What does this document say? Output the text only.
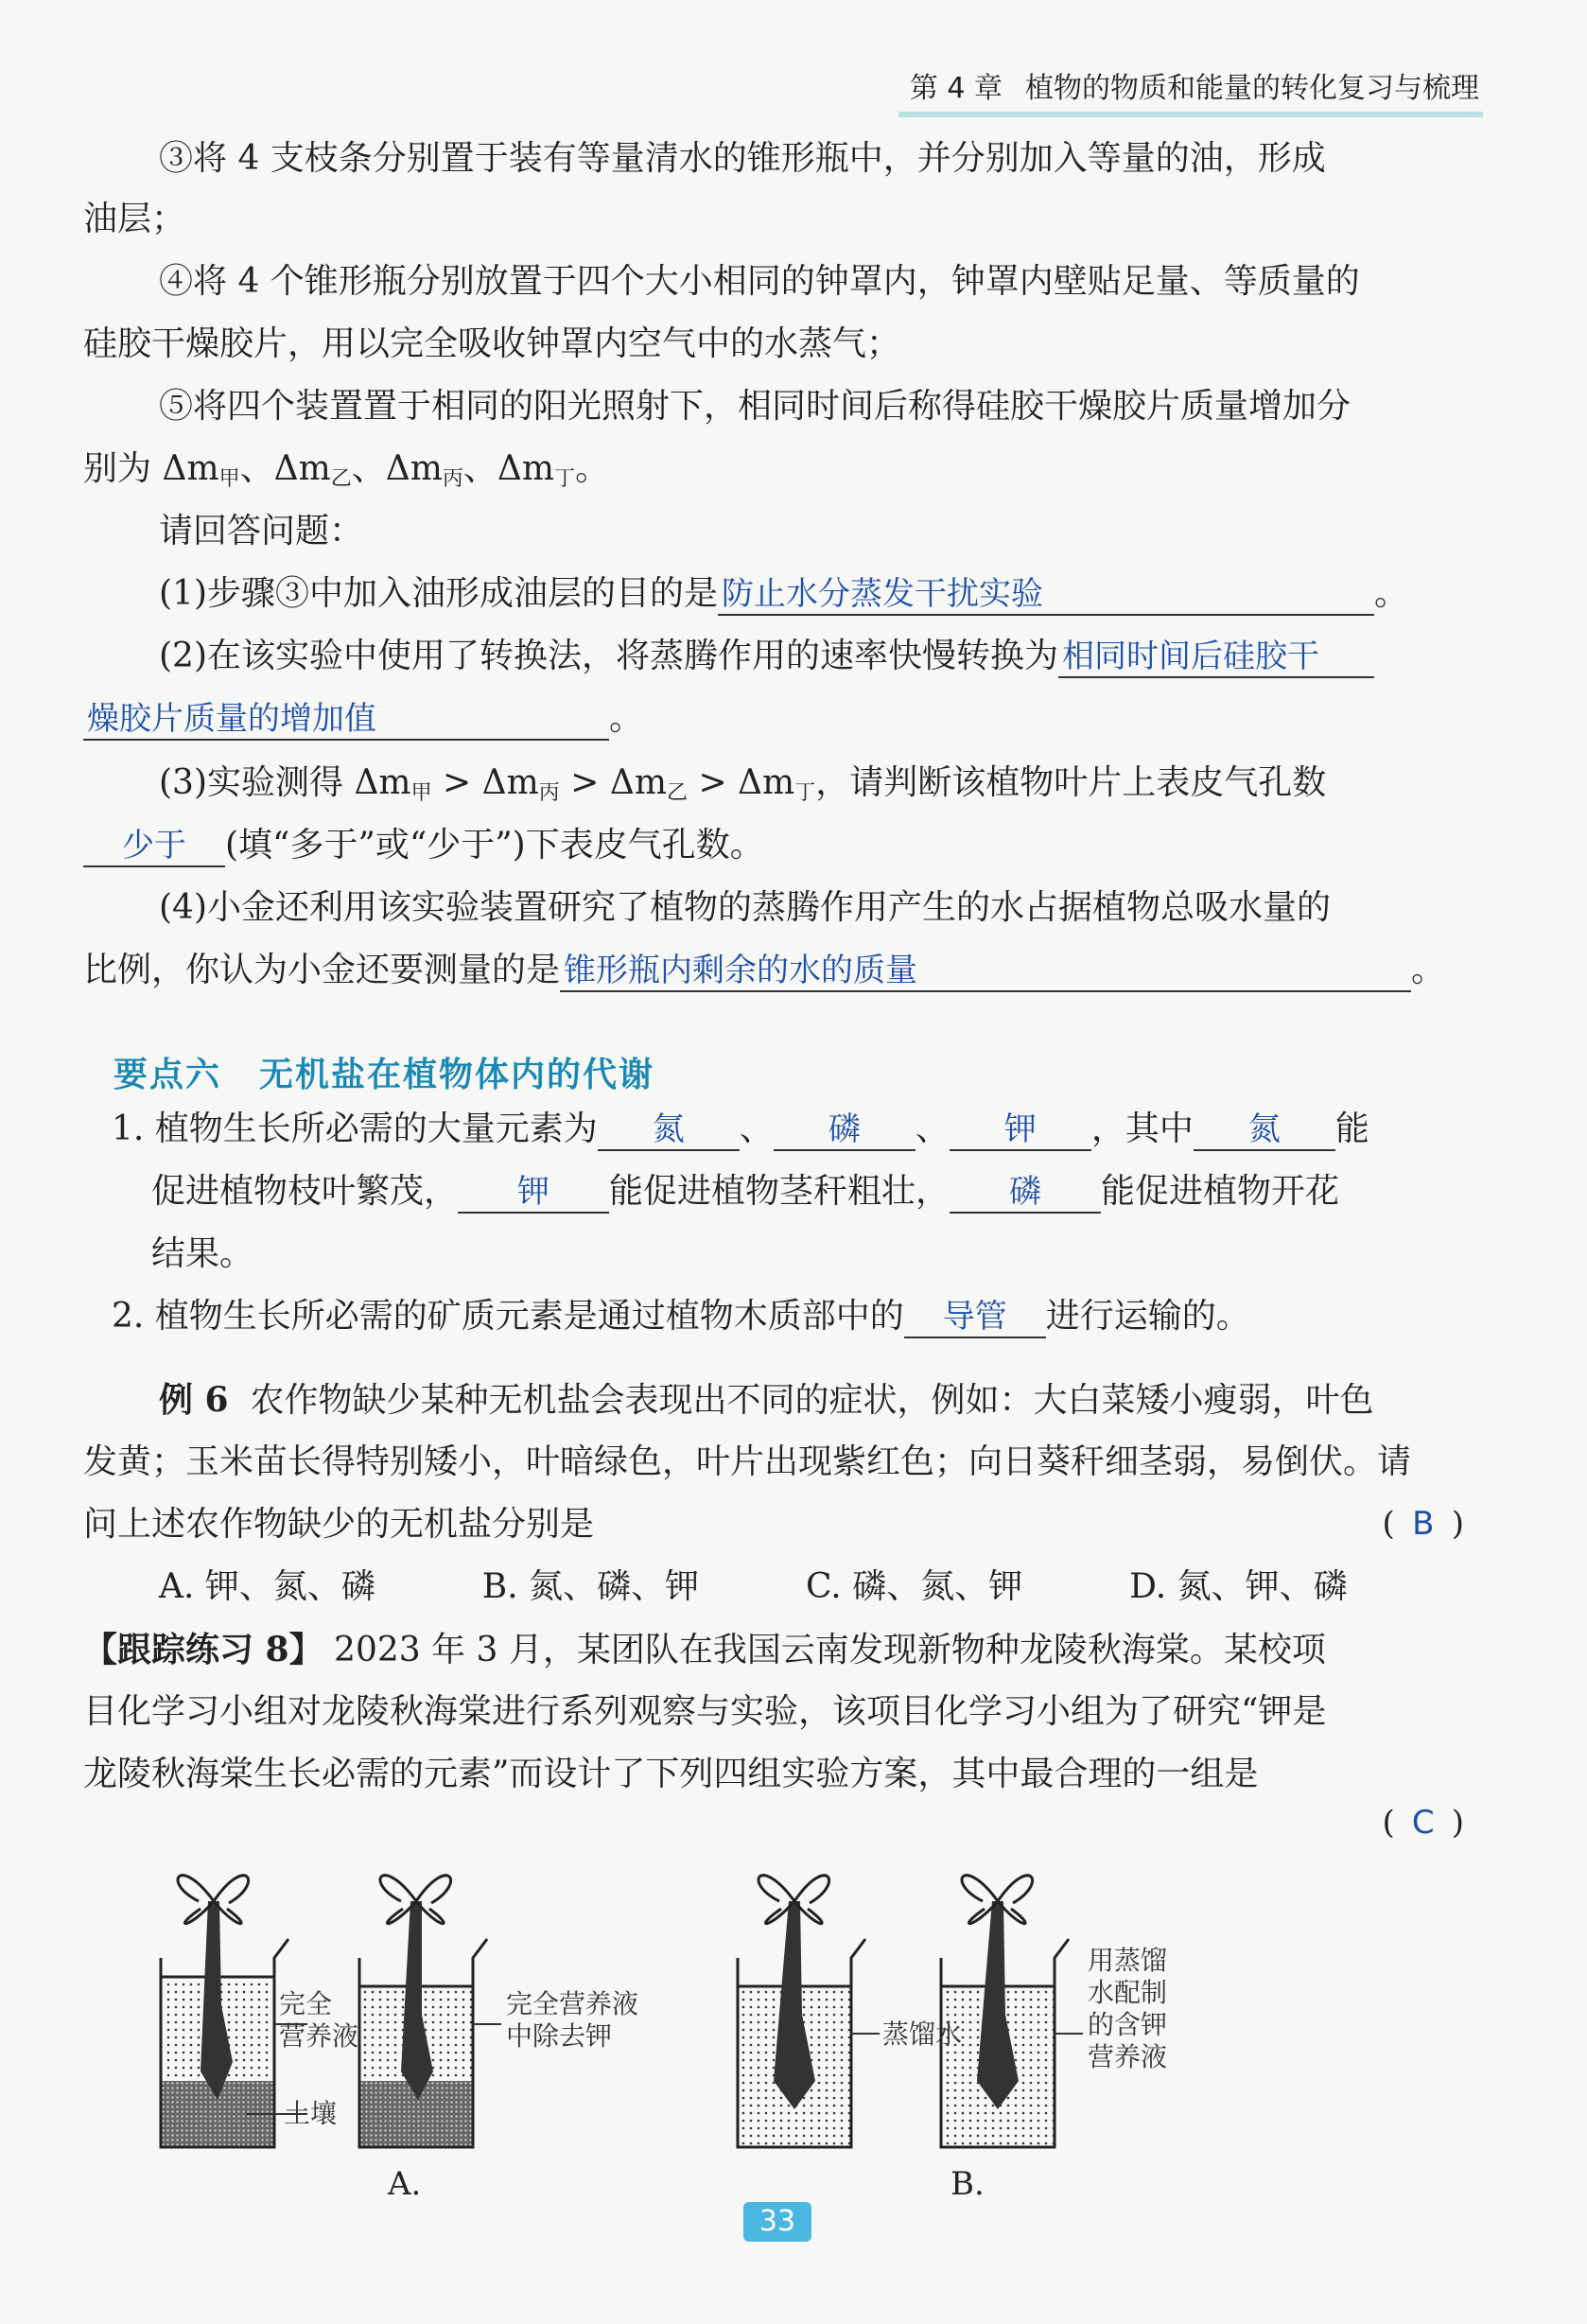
第 4 章 植物的物质和能量的转化复习与梳理
③将 4 支枝条分别置于装有等量清水的锥形瓶中，并分别加入等量的油，形成
油层；
④将 4 个锥形瓶分别放置于四个大小相同的钟罩内，钟罩内壁贴足量、等质量的
硅胶干燥胶片，用以完全吸收钟罩内空气中的水蒸气；
⑤将四个装置置于相同的阳光照射下，相同时间后称得硅胶干燥胶片质量增加分
别为 $\Delta m_甲$、$\Delta m_乙$、$\Delta m_丙$、$\Delta m_丁$。
请回答问题：
(1)步骤③中加入油形成油层的目的是 防止水分蒸发干扰实验	。
(2)在该实验中使用了转换法，将蒸腾作用的速率快慢转换为 相同时间后硅胶干
燥胶片质量的增加值	。
(3)实验测得 $\Delta m_甲 > \Delta m_丙 > \Delta m_乙 > \Delta m_丁$，请判断该植物叶片上表皮气孔数
少于 (填“多于”或“少于”)下表皮气孔数。
(4)小金还利用该实验装置研究了植物的蒸腾作用产生的水占据植物总吸水量的
比例，你认为小金还要测量的是 锥形瓶内剩余的水的质量	。
要点六 无机盐在植物体内的代谢
1. 植物生长所必需的大量元素为 氮 、 磷 、 钾 ，其中 氮 能
促进植物枝叶繁茂， 钾 能促进植物茎秆粗壮， 磷 能促进植物开花
结果。
2. 植物生长所必需的矿质元素是通过植物木质部中的 导管 进行运输的。
例 6 农作物缺少某种无机盐会表现出不同的症状，例如：大白菜矮小瘦弱，叶色
发黄；玉米苗长得特别矮小，叶暗绿色，叶片出现紫红色；向日葵秆细茎弱，易倒伏。请
问上述农作物缺少的无机盐分别是	( B )
A. 钾、氮、磷	B. 氮、磷、钾	C. 磷、氮、钾	D. 氮、钾、磷
【跟踪练习 8】 2023 年 3 月，某团队在我国云南发现新物种龙陵秋海棠。某校项
目化学习小组对龙陵秋海棠进行系列观察与实验，该项目化学习小组为了研究“钾是
龙陵秋海棠生长必需的元素”而设计了下列四组实验方案，其中最合理的一组是
( C )
完全
营养液
土壤
完全营养液
中除去钾	蒸馏水
用蒸馏
水配制
的含钾
营养液
A.	B.
33
